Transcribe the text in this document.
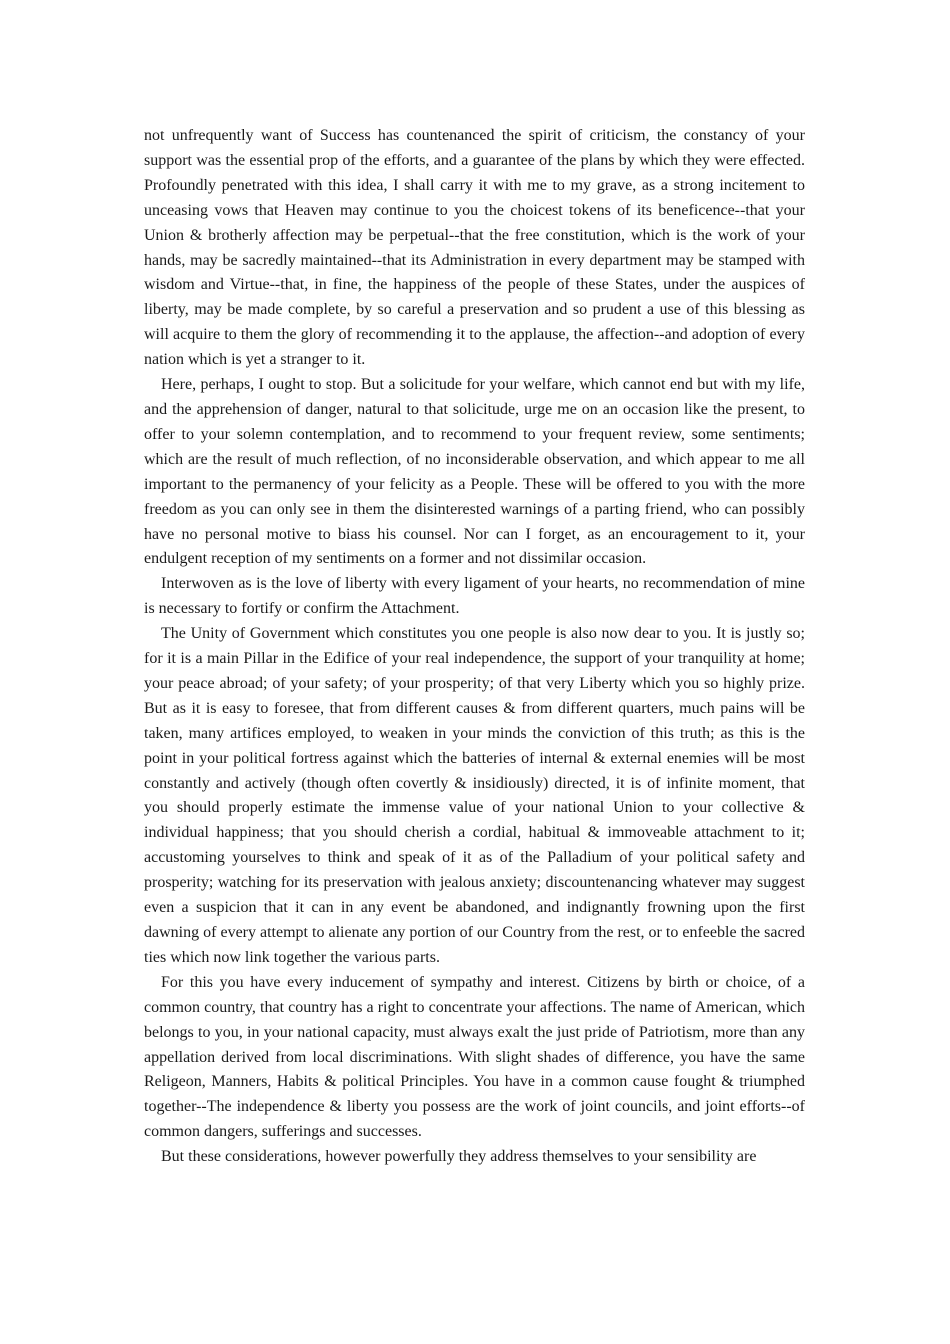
not unfrequently want of Success has countenanced the spirit of criticism, the constancy of your support was the essential prop of the efforts, and a guarantee of the plans by which they were effected. Profoundly penetrated with this idea, I shall carry it with me to my grave, as a strong incitement to unceasing vows that Heaven may continue to you the choicest tokens of its beneficence--that your Union & brotherly affection may be perpetual--that the free constitution, which is the work of your hands, may be sacredly maintained--that its Administration in every department may be stamped with wisdom and Virtue--that, in fine, the happiness of the people of these States, under the auspices of liberty, may be made complete, by so careful a preservation and so prudent a use of this blessing as will acquire to them the glory of recommending it to the applause, the affection--and adoption of every nation which is yet a stranger to it.

Here, perhaps, I ought to stop. But a solicitude for your welfare, which cannot end but with my life, and the apprehension of danger, natural to that solicitude, urge me on an occasion like the present, to offer to your solemn contemplation, and to recommend to your frequent review, some sentiments; which are the result of much reflection, of no inconsiderable observation, and which appear to me all important to the permanency of your felicity as a People. These will be offered to you with the more freedom as you can only see in them the disinterested warnings of a parting friend, who can possibly have no personal motive to biass his counsel. Nor can I forget, as an encouragement to it, your endulgent reception of my sentiments on a former and not dissimilar occasion.

Interwoven as is the love of liberty with every ligament of your hearts, no recommendation of mine is necessary to fortify or confirm the Attachment.

The Unity of Government which constitutes you one people is also now dear to you. It is justly so; for it is a main Pillar in the Edifice of your real independence, the support of your tranquility at home; your peace abroad; of your safety; of your prosperity; of that very Liberty which you so highly prize. But as it is easy to foresee, that from different causes & from different quarters, much pains will be taken, many artifices employed, to weaken in your minds the conviction of this truth; as this is the point in your political fortress against which the batteries of internal & external enemies will be most constantly and actively (though often covertly & insidiously) directed, it is of infinite moment, that you should properly estimate the immense value of your national Union to your collective & individual happiness; that you should cherish a cordial, habitual & immoveable attachment to it; accustoming yourselves to think and speak of it as of the Palladium of your political safety and prosperity; watching for its preservation with jealous anxiety; discountenancing whatever may suggest even a suspicion that it can in any event be abandoned, and indignantly frowning upon the first dawning of every attempt to alienate any portion of our Country from the rest, or to enfeeble the sacred ties which now link together the various parts.

For this you have every inducement of sympathy and interest. Citizens by birth or choice, of a common country, that country has a right to concentrate your affections. The name of American, which belongs to you, in your national capacity, must always exalt the just pride of Patriotism, more than any appellation derived from local discriminations. With slight shades of difference, you have the same Religeon, Manners, Habits & political Principles. You have in a common cause fought & triumphed together--The independence & liberty you possess are the work of joint councils, and joint efforts--of common dangers, sufferings and successes.

But these considerations, however powerfully they address themselves to your sensibility are
